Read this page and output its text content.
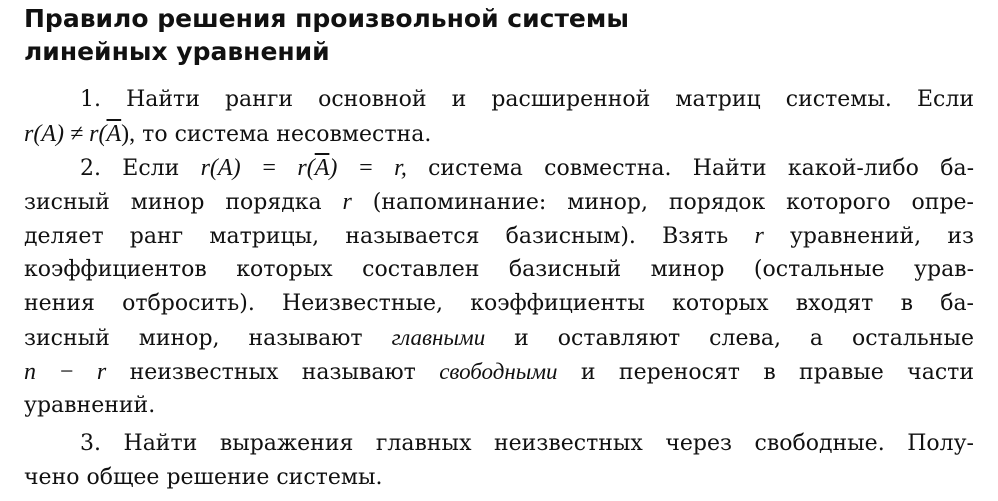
Правило решения произвольной системы
линейных уравнений
1. Найти ранги основной и расширенной матриц системы. Если
$r(A) \ne r(\overline{A})$, то система несовместна.
2. Если $r(A) = r(\overline{A}) = r$, система совместна. Найти какой-либо ба-
зисный минор порядка r (напоминание: минор, порядок которого опре-
деляет ранг матрицы, называется базисным). Взять r уравнений, из
коэффициентов которых составлен базисный минор (остальные урав-
нения отбросить). Неизвестные, коэффициенты которых входят в ба-
зисный минор, называют главными и оставляют слева, а остальные
n − r неизвестных называют свободными и переносят в правые части
уравнений.
3. Найти выражения главных неизвестных через свободные. Полу-
чено общее решение системы.
